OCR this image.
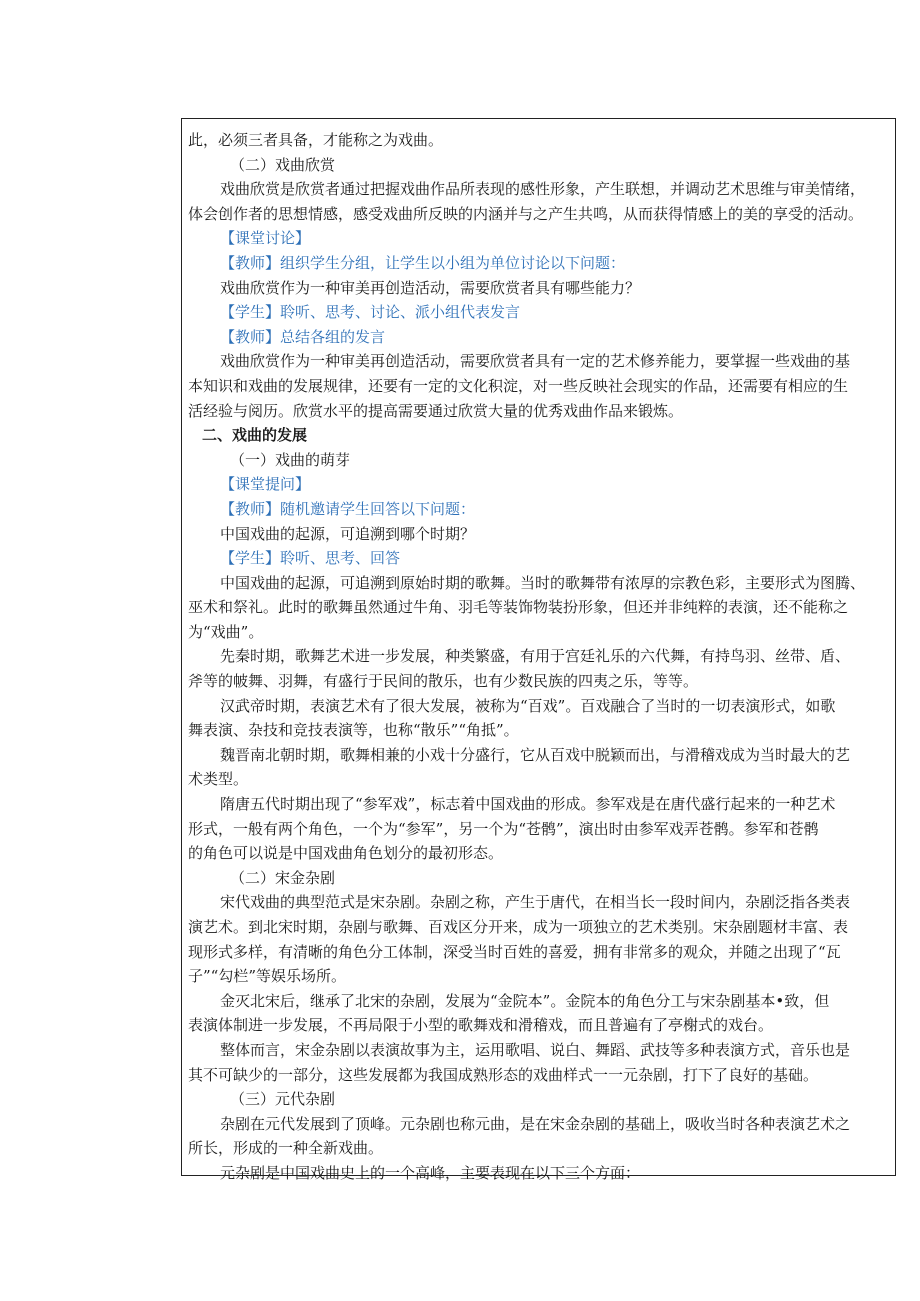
此，必须三者具备，才能称之为戏曲。
（二）戏曲欣赏
戏曲欣赏是欣赏者通过把握戏曲作品所表现的感性形象，产生联想，并调动艺术思维与审美情绪，
体会创作者的思想情感，感受戏曲所反映的内涵并与之产生共鸣，从而获得情感上的美的享受的活动。
【课堂讨论】
【教师】组织学生分组，让学生以小组为单位讨论以下问题：
戏曲欣赏作为一种审美再创造活动，需要欣赏者具有哪些能力？
【学生】聆听、思考、讨论、派小组代表发言
【教师】总结各组的发言
戏曲欣赏作为一种审美再创造活动，需要欣赏者具有一定的艺术修养能力，要掌握一些戏曲的基
本知识和戏曲的发展规律，还要有一定的文化积淀，对一些反映社会现实的作品，还需要有相应的生
活经验与阅历。欣赏水平的提高需要通过欣赏大量的优秀戏曲作品来锻炼。
二、戏曲的发展
（一）戏曲的萌芽
【课堂提问】
【教师】随机邀请学生回答以下问题：
中国戏曲的起源，可追溯到哪个时期？
【学生】聆听、思考、回答
中国戏曲的起源，可追溯到原始时期的歌舞。当时的歌舞带有浓厚的宗教色彩，主要形式为图腾、
巫术和祭礼。此时的歌舞虽然通过牛角、羽毛等装饰物装扮形象，但还并非纯粹的表演，还不能称之
为“戏曲”。
先秦时期，歌舞艺术进一步发展，种类繁盛，有用于宫廷礼乐的六代舞，有持鸟羽、丝带、盾、
斧等的帔舞、羽舞，有盛行于民间的散乐，也有少数民族的四夷之乐，等等。
汉武帝时期，表演艺术有了很大发展，被称为“百戏”。百戏融合了当时的一切表演形式，如歌
舞表演、杂技和竞技表演等，也称“散乐”“角抵”。
魏晋南北朝时期，歌舞相兼的小戏十分盛行，它从百戏中脱颖而出，与滑稽戏成为当时最大的艺
术类型。
隋唐五代时期出现了“参军戏”，标志着中国戏曲的形成。参军戏是在唐代盛行起来的一种艺术
形式，一般有两个角色，一个为“参军”，另一个为“苍鹘”，演出时由参军戏弄苍鹘。参军和苍鹘
的角色可以说是中国戏曲角色划分的最初形态。
（二）宋金杂剧
宋代戏曲的典型范式是宋杂剧。杂剧之称，产生于唐代，在相当长一段时间内，杂剧泛指各类表
演艺术。到北宋时期，杂剧与歌舞、百戏区分开来，成为一项独立的艺术类别。宋杂剧题材丰富、表
现形式多样，有清晰的角色分工体制，深受当时百姓的喜爱，拥有非常多的观众，并随之出现了“瓦
子”“勾栏”等娱乐场所。
金灭北宋后，继承了北宋的杂剧，发展为“金院本”。金院本的角色分工与宋杂剧基本•致，但
表演体制进一步发展，不再局限于小型的歌舞戏和滑稽戏，而且普遍有了亭榭式的戏台。
整体而言，宋金杂剧以表演故事为主，运用歌唱、说白、舞蹈、武技等多种表演方式，音乐也是
其不可缺少的一部分，这些发展都为我国成熟形态的戏曲样式一一元杂剧，打下了良好的基础。
（三）元代杂剧
杂剧在元代发展到了顶峰。元杂剧也称元曲，是在宋金杂剧的基础上，吸收当时各种表演艺术之
所长，形成的一种全新戏曲。
元杂剧是中国戏曲史上的一个高峰，主要表现在以下三个方面：
